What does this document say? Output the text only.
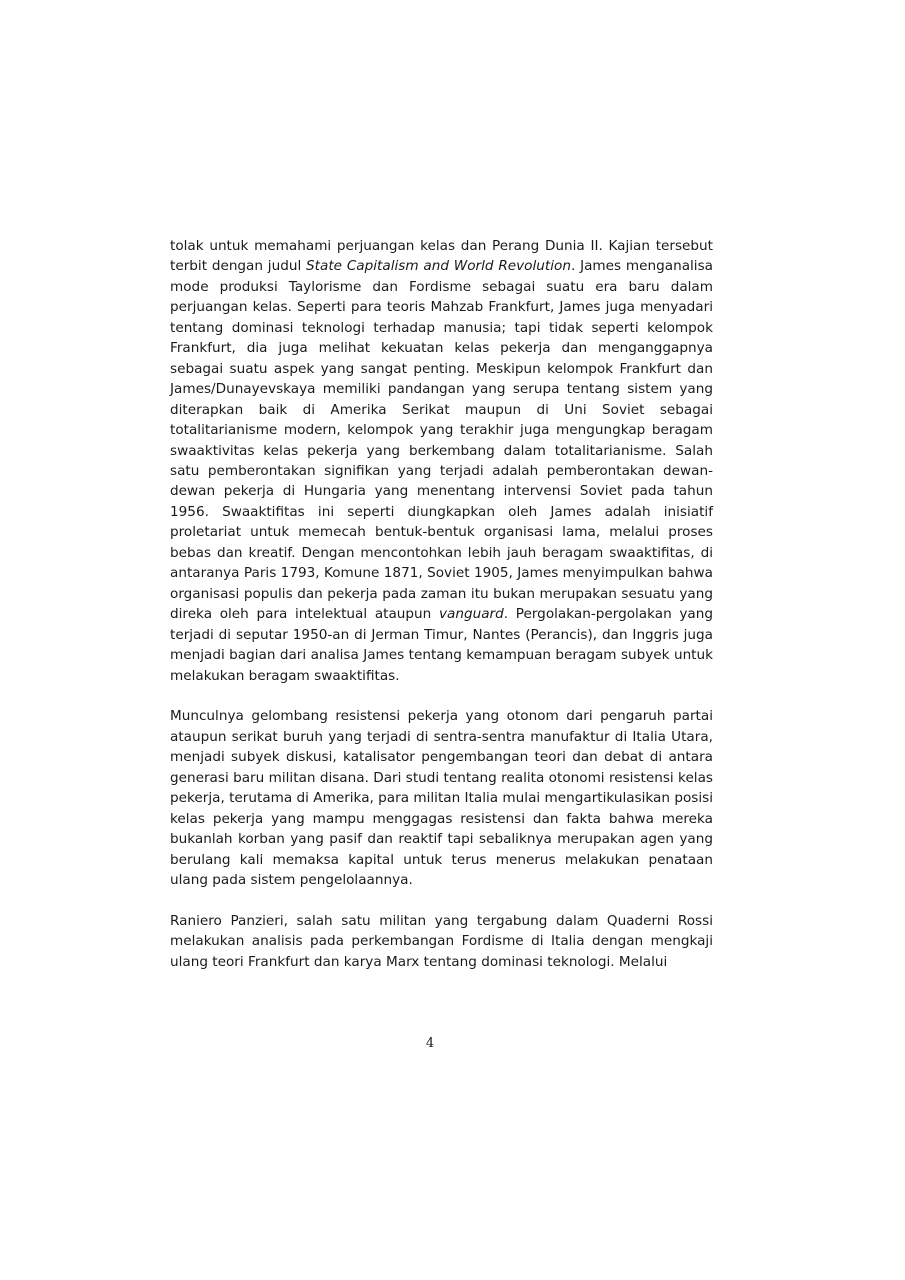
tolak untuk memahami perjuangan kelas dan Perang Dunia II. Kajian tersebut terbit dengan judul State Capitalism and World Revolution. James menganalisa mode produksi Taylorisme dan Fordisme sebagai suatu era baru dalam perjuangan kelas. Seperti para teoris Mahzab Frankfurt, James juga menyadari tentang dominasi teknologi terhadap manusia; tapi tidak seperti kelompok Frankfurt, dia juga melihat kekuatan kelas pekerja dan menganggapnya sebagai suatu aspek yang sangat penting. Meskipun kelompok Frankfurt dan James/Dunayevskaya memiliki pandangan yang serupa tentang sistem yang diterapkan baik di Amerika Serikat maupun di Uni Soviet sebagai totalitarianisme modern, kelompok yang terakhir juga mengungkap beragam swaaktivitas kelas pekerja yang berkembang dalam totalitarianisme. Salah satu pemberontakan signifikan yang terjadi adalah pemberontakan dewan-dewan pekerja di Hungaria yang menentang intervensi Soviet pada tahun 1956. Swaaktifitas ini seperti diungkapkan oleh James adalah inisiatif proletariat untuk memecah bentuk-bentuk organisasi lama, melalui proses bebas dan kreatif. Dengan mencontohkan lebih jauh beragam swaaktifitas, di antaranya Paris 1793, Komune 1871, Soviet 1905, James menyimpulkan bahwa organisasi populis dan pekerja pada zaman itu bukan merupakan sesuatu yang direka oleh para intelektual ataupun vanguard. Pergolakan-pergolakan yang terjadi di seputar 1950-an di Jerman Timur, Nantes (Perancis), dan Inggris juga menjadi bagian dari analisa James tentang kemampuan beragam subyek untuk melakukan beragam swaaktifitas.

Munculnya gelombang resistensi pekerja yang otonom dari pengaruh partai ataupun serikat buruh yang terjadi di sentra-sentra manufaktur di Italia Utara, menjadi subyek diskusi, katalisator pengembangan teori dan debat di antara generasi baru militan disana. Dari studi tentang realita otonomi resistensi kelas pekerja, terutama di Amerika, para militan Italia mulai mengartikulasikan posisi kelas pekerja yang mampu menggagas resistensi dan fakta bahwa mereka bukanlah korban yang pasif dan reaktif tapi sebaliknya merupakan agen yang berulang kali memaksa kapital untuk terus menerus melakukan penataan ulang pada sistem pengelolaannya.

Raniero Panzieri, salah satu militan yang tergabung dalam Quaderni Rossi melakukan analisis pada perkembangan Fordisme di Italia dengan mengkaji ulang teori Frankfurt dan karya Marx tentang dominasi teknologi. Melalui

4
